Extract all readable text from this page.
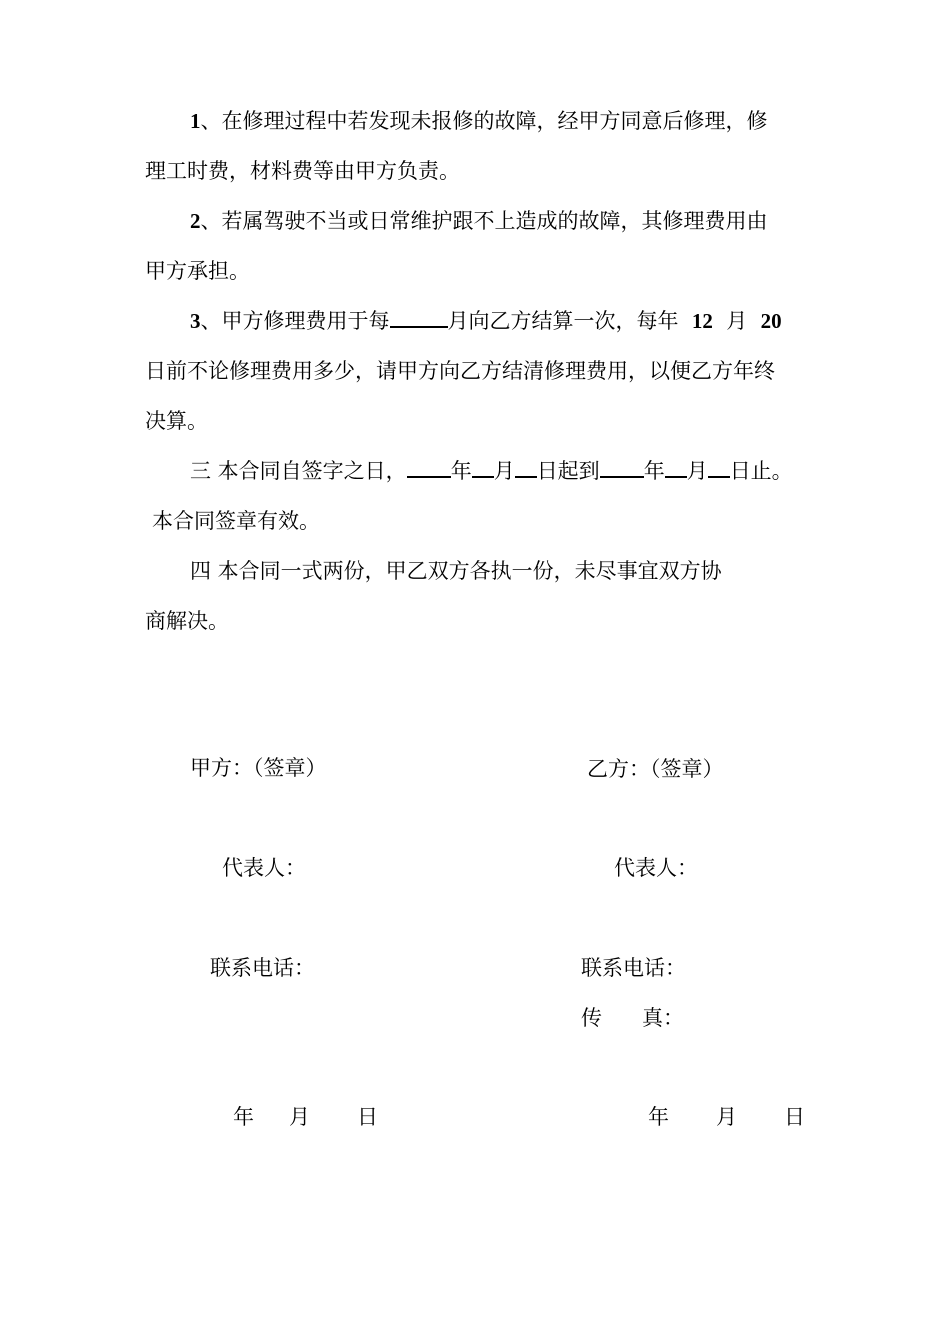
1、在修理过程中若发现未报修的故障，经甲方同意后修理，修
理工时费，材料费等由甲方负责。
2、若属驾驶不当或日常维护跟不上造成的故障，其修理费用由
甲方承担。
3、甲方修理费用于每	月向乙方结算一次，每年 12 月 20
日前不论修理费用多少，请甲方向乙方结清修理费用，以便乙方年终
决算。
三 本合同自签字之日， 年 月 日起到 年 月 日止。
本合同签章有效。
四 本合同一式两份，甲乙双方各执一份，未尽事宜双方协
商解决。
甲方：（签章）
代表人：
联系电话：
年 月 日
乙方：（签章）
代表人：
联系电话：
传      真：
年 月 日
